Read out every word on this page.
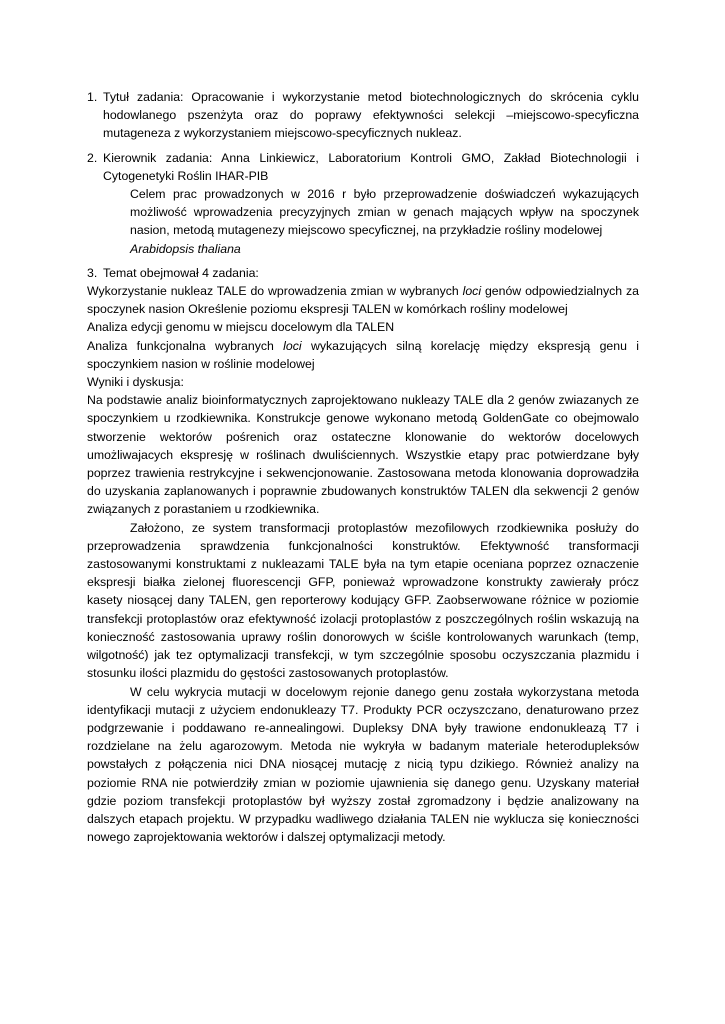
1. Tytuł zadania: Opracowanie i wykorzystanie metod biotechnologicznych do skrócenia cyklu hodowlanego pszenżyta oraz do poprawy efektywności selekcji –miejscowo-specyficzna mutageneza z wykorzystaniem miejscowo-specyficznych nukleaz.

2. Kierownik zadania: Anna Linkiewicz, Laboratorium Kontroli GMO, Zakład Biotechnologii i Cytogenetyki Roślin IHAR-PIB

Celem prac prowadzonych w 2016 r było przeprowadzenie doświadczeń wykazujących możliwość wprowadzenia precyzyjnych zmian w genach mających wpływ na spoczynek nasion, metodą mutagenezy miejscowo specyficznej, na przykładzie rośliny modelowej
Arabidopsis thaliana

3. Temat obejmował 4 zadania:

Wykorzystanie nukleaz TALE do wprowadzenia zmian w wybranych loci genów odpowiedzialnych za spoczynek nasion Określenie poziomu ekspresji TALEN w komórkach rośliny modelowej

Analiza edycji genomu w miejscu docelowym dla TALEN

Analiza funkcjonalna wybranych loci wykazujących silną korelację między ekspresją genu i spoczynkiem nasion w roślinie modelowej

Wyniki i dyskusja:

Na podstawie analiz bioinformatycznych zaprojektowano nukleazy TALE dla 2 genów zwiazanych ze spoczynkiem u rzodkiewnika. Konstrukcje genowe wykonano metodą GoldenGate co obejmowalo stworzenie wektorów pośrenich oraz ostateczne klonowanie do wektorów docelowych umożliwajacych ekspresję w roślinach dwuliściennych. Wszystkie etapy prac potwierdzane były poprzez trawienia restrykcyjne i sekwencjonowanie. Zastosowana metoda klonowania doprowadziła do uzyskania zaplanowanych i poprawnie zbudowanych konstruktów TALEN dla sekwencji 2 genów związanych z porastaniem u rzodkiewnika.

Założono, ze system transformacji protoplastów mezofilowych rzodkiewnika posłuży do przeprowadzenia sprawdzenia funkcjonalności konstruktów. Efektywność transformacji zastosowanymi konstruktami z nukleazami TALE była na tym etapie oceniana poprzez oznaczenie ekspresji białka zielonej fluorescencji GFP, ponieważ wprowadzone konstrukty zawierały prócz kasety niosącej dany TALEN, gen reporterowy kodujący GFP. Zaobserwowane różnice w poziomie transfekcji protoplastów oraz efektywność izolacji protoplastów z poszczególnych roślin wskazują na konieczność zastosowania uprawy roślin donorowych w ściśle kontrolowanych warunkach (temp, wilgotność) jak tez optymalizacji transfekcji, w tym szczególnie sposobu oczyszczania plazmidu i stosunku ilości plazmidu do gęstości zastosowanych protoplastów.

W celu wykrycia mutacji w docelowym rejonie danego genu została wykorzystana metoda identyfikacji mutacji z użyciem endonukleazy T7. Produkty PCR oczyszczano, denaturowano przez podgrzewanie i poddawano re-annealingowi. Dupleksy DNA były trawione endonukleazą T7 i rozdzielane na żelu agarozowym. Metoda nie wykryła w badanym materiale heterodupleksów powstałych z połączenia nici DNA niosącej mutację z nicią typu dzikiego. Również analizy na poziomie RNA nie potwierdziły zmian w poziomie ujawnienia się danego genu. Uzyskany materiał gdzie poziom transfekcji protoplastów był wyższy został zgromadzony i będzie analizowany na dalszych etapach projektu. W przypadku wadliwego działania TALEN nie wyklucza się konieczności nowego zaprojektowania wektorów i dalszej optymalizacji metody.
